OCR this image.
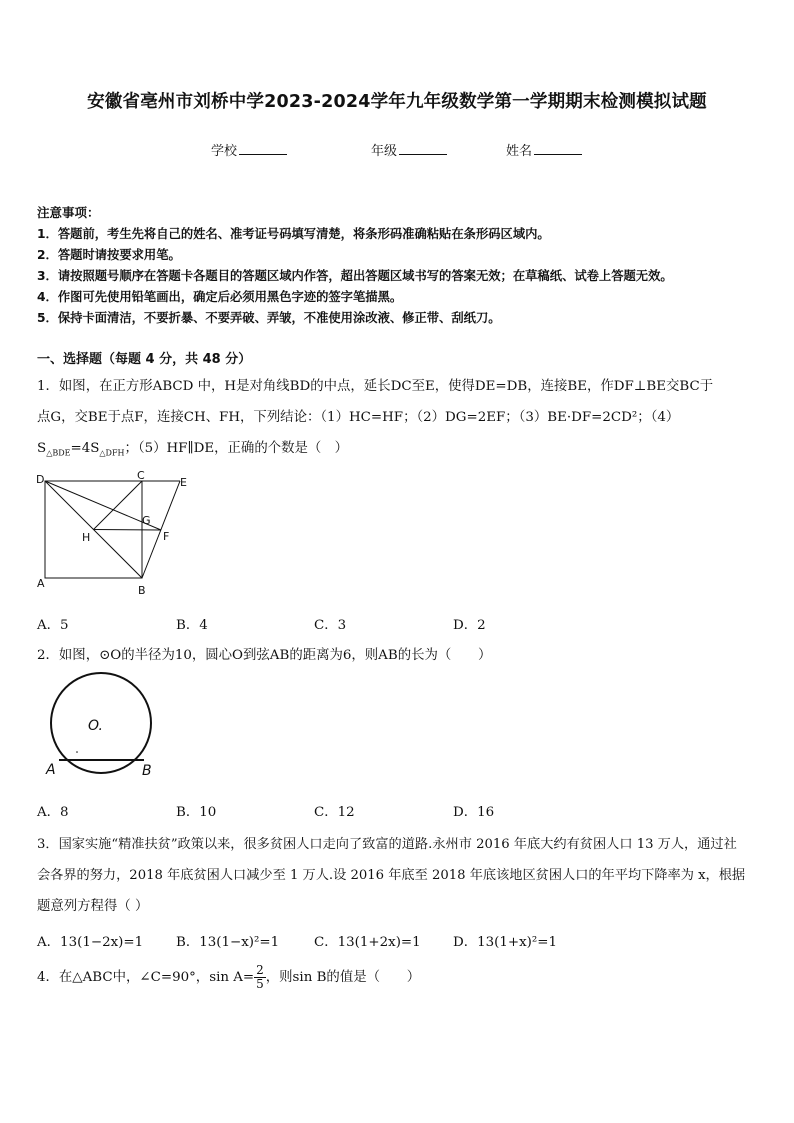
安徽省亳州市刘桥中学2023-2024学年九年级数学第一学期期末检测模拟试题
学校	年级	姓名
注意事项：
1．答题前，考生先将自己的姓名、准考证号码填写清楚，将条形码准确粘贴在条形码区域内。
2．答题时请按要求用笔。
3．请按照题号顺序在答题卡各题目的答题区域内作答，超出答题区域书写的答案无效；在草稿纸、试卷上答题无效。
4．作图可先使用铅笔画出，确定后必须用黑色字迹的签字笔描黑。
5．保持卡面清洁，不要折暴、不要弄破、弄皱，不准使用涂改液、修正带、刮纸刀。
一、选择题（每题 4 分，共 48 分）
1．如图，在正方形ABCD 中，H是对角线BD的中点，延长DC至E，使得DE=DB，连接BE，作DF⊥BE交BC于
点G，交BE于点F，连接CH、FH，下列结论：（1）HC=HF；（2）DG=2EF；（3）BE·DF=2CD²；（4）
$S_{\triangle BDE}=4S_{\triangle DFH}$；（5）HF∥DE，正确的个数是（　）
D	C
E
G
H	F
A
B
A．5	B．4	C．3	D．2
2．如图，⊙O的半径为10，圆心O到弦AB的距离为6，则AB的长为（　　）
O.
A	B
A．8	B．10	C．12	D．16
3．国家实施“精准扶贫”政策以来，很多贫困人口走向了致富的道路.永州市 2016 年底大约有贫困人口 13 万人，通过社
会各界的努力，2018 年底贫困人口减少至 1 万人.设 2016 年底至 2018 年底该地区贫困人口的年平均下降率为 x，根据
题意列方程得（ ）
A．13(1−2x)=1 B．13(1−x)²=1	C．13(1+2x)=1 D．13(1+x)²=1
4．在△ABC中，∠C=90°，$\sin A= \frac{2}{5}$ ，则sin B的值是（　　）
